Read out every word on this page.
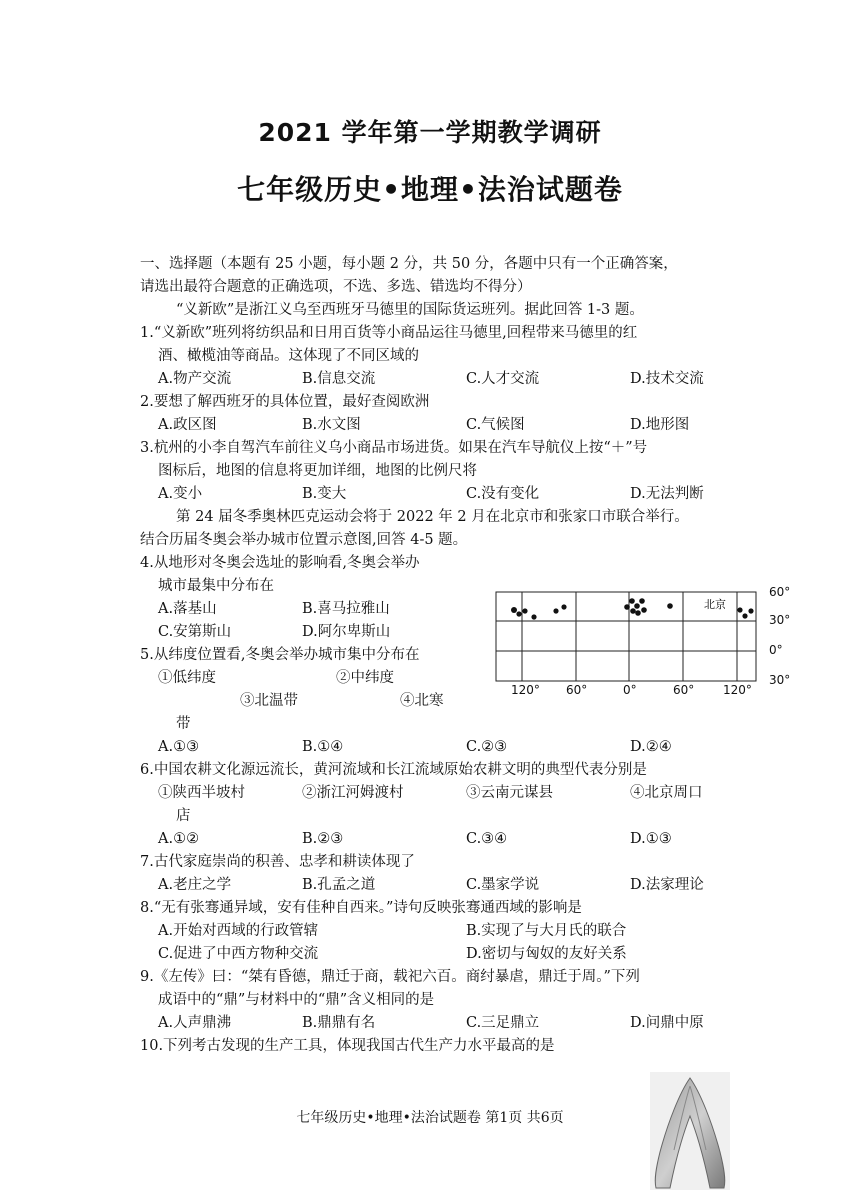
2021 学年第一学期教学调研
七年级历史•地理•法治试题卷
一、选择题（本题有 25 小题，每小题 2 分，共 50 分，各题中只有一个正确答案，
请选出最符合题意的正确选项，不选、多选、错选均不得分）
“义新欧”是浙江义乌至西班牙马德里的国际货运班列。据此回答 1-3 题。
1.“义新欧”班列将纺织品和日用百货等小商品运往马德里,回程带来马德里的红
酒、橄榄油等商品。这体现了不同区域的
A.物产交流	B.信息交流	C.人才交流	D.技术交流
2.要想了解西班牙的具体位置，最好查阅欧洲
A.政区图	B.水文图	C.气候图	D.地形图
3.杭州的小李自驾汽车前往义乌小商品市场进货。如果在汽车导航仪上按“＋”号
图标后，地图的信息将更加详细，地图的比例尺将
A.变小	B.变大	C.没有变化	D.无法判断
第 24 届冬季奥林匹克运动会将于 2022 年 2 月在北京市和张家口市联合举行。
结合历届冬奥会举办城市位置示意图,回答 4-5 题。
4.从地形对冬奥会选址的影响看,冬奥会举办
城市最集中分布在
A.落基山	B.喜马拉雅山
C.安第斯山	D.阿尔卑斯山
5.从纬度位置看,冬奥会举办城市集中分布在
①低纬度	②中纬度
③北温带	④北寒
带
A.①③	B.①④	C.②③	D.②④
北京
60°
30°
0°
30°
120° 60°	0°	60° 120°
6.中国农耕文化源远流长，黄河流域和长江流域原始农耕文明的典型代表分别是
①陕西半坡村	②浙江河姆渡村	③云南元谋县	④北京周口
店
A.①②	B.②③	C.③④	D.①③
7.古代家庭崇尚的积善、忠孝和耕读体现了
A.老庄之学	B.孔孟之道	C.墨家学说	D.法家理论
8.“无有张骞通异域，安有佳种自西来。”诗句反映张骞通西域的影响是
A.开始对西域的行政管辖	B.实现了与大月氏的联合
C.促进了中西方物种交流	D.密切与匈奴的友好关系
9.《左传》曰：“桀有昏德，鼎迁于商，载祀六百。商纣暴虐，鼎迁于周。”下列
成语中的“鼎”与材料中的“鼎”含义相同的是
A.人声鼎沸	B.鼎鼎有名	C.三足鼎立	D.问鼎中原
10.下列考古发现的生产工具，体现我国古代生产力水平最高的是
七年级历史•地理•法治试题卷 第1页 共6页
